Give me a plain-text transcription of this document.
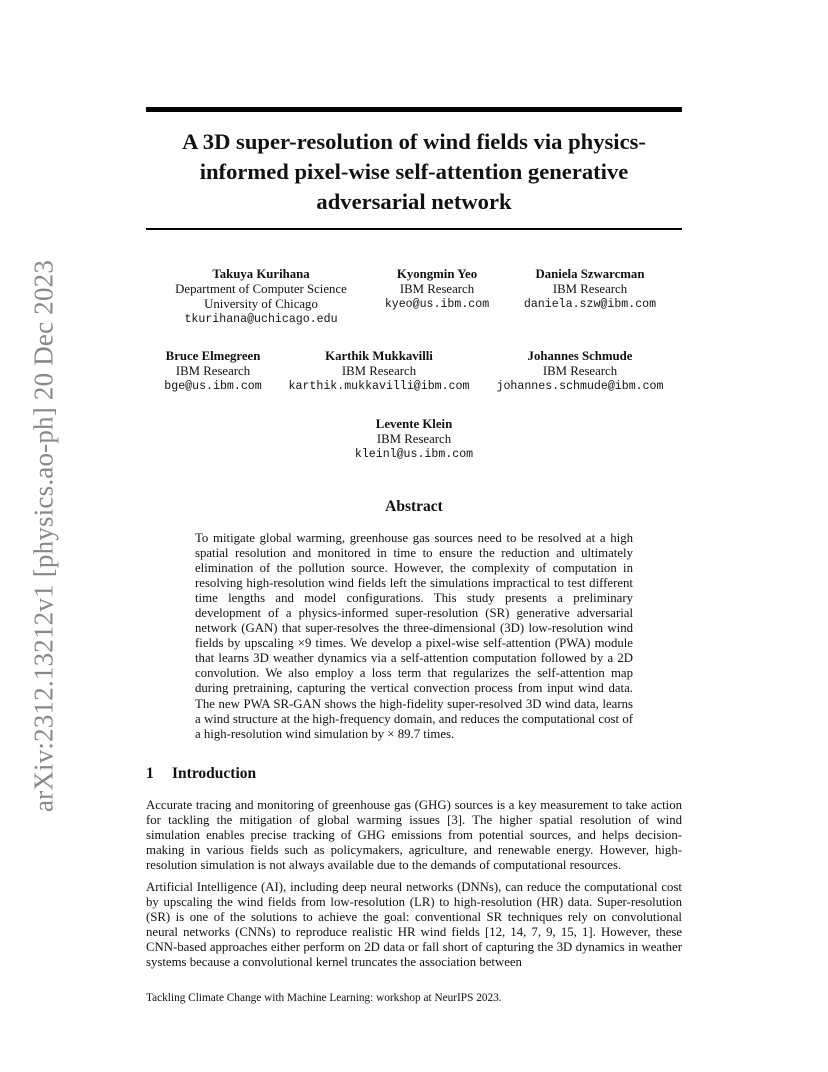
arXiv:2312.13212v1 [physics.ao-ph] 20 Dec 2023
A 3D super-resolution of wind fields via physics-informed pixel-wise self-attention generative adversarial network
Takuya Kurihana
Department of Computer Science
University of Chicago
tkurihana@uchicago.edu
Kyongmin Yeo
IBM Research
kyeo@us.ibm.com
Daniela Szwarcman
IBM Research
daniela.szw@ibm.com
Bruce Elmegreen
IBM Research
bge@us.ibm.com
Karthik Mukkavilli
IBM Research
karthik.mukkavilli@ibm.com
Johannes Schmude
IBM Research
johannes.schmude@ibm.com
Levente Klein
IBM Research
kleinl@us.ibm.com
Abstract

To mitigate global warming, greenhouse gas sources need to be resolved at a high spatial resolution and monitored in time to ensure the reduction and ultimately elimination of the pollution source. However, the complexity of computation in resolving high-resolution wind fields left the simulations impractical to test different time lengths and model configurations. This study presents a preliminary development of a physics-informed super-resolution (SR) generative adversarial network (GAN) that super-resolves the three-dimensional (3D) low-resolution wind fields by upscaling ×9 times. We develop a pixel-wise self-attention (PWA) module that learns 3D weather dynamics via a self-attention computation followed by a 2D convolution. We also employ a loss term that regularizes the self-attention map during pretraining, capturing the vertical convection process from input wind data. The new PWA SR-GAN shows the high-fidelity super-resolved 3D wind data, learns a wind structure at the high-frequency domain, and reduces the computational cost of a high-resolution wind simulation by × 89.7 times.

1 Introduction

Accurate tracing and monitoring of greenhouse gas (GHG) sources is a key measurement to take action for tackling the mitigation of global warming issues [3]. The higher spatial resolution of wind simulation enables precise tracking of GHG emissions from potential sources, and helps decision-making in various fields such as policymakers, agriculture, and renewable energy. However, high-resolution simulation is not always available due to the demands of computational resources.

Artificial Intelligence (AI), including deep neural networks (DNNs), can reduce the computational cost by upscaling the wind fields from low-resolution (LR) to high-resolution (HR) data. Super-resolution (SR) is one of the solutions to achieve the goal: conventional SR techniques rely on convolutional neural networks (CNNs) to reproduce realistic HR wind fields [12, 14, 7, 9, 15, 1]. However, these CNN-based approaches either perform on 2D data or fall short of capturing the 3D dynamics in weather systems because a convolutional kernel truncates the association between

Tackling Climate Change with Machine Learning: workshop at NeurIPS 2023.
